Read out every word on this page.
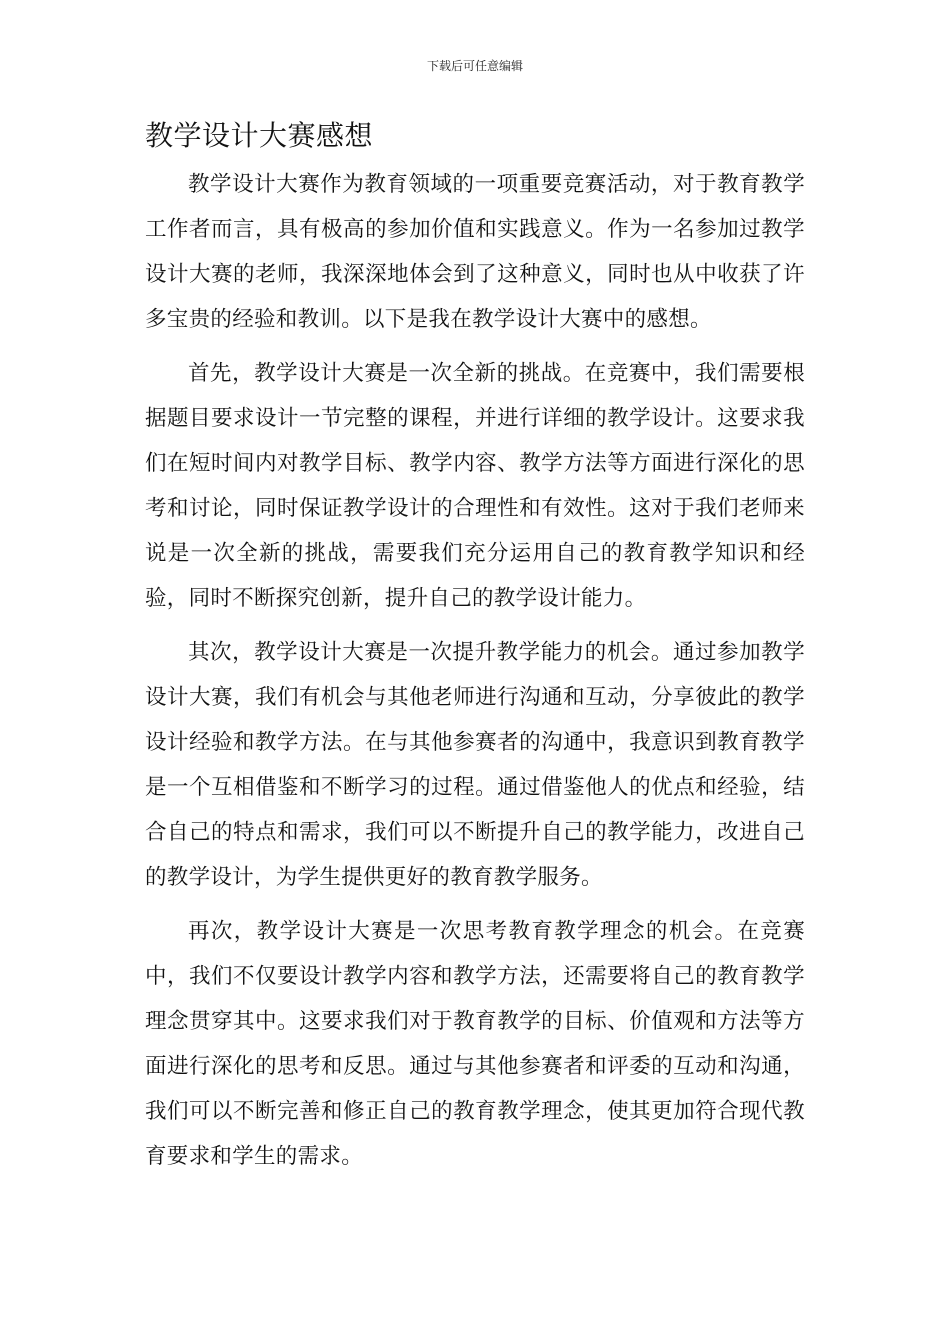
下载后可任意编辑
教学设计大赛感想

教学设计大赛作为教育领域的一项重要竞赛活动，对于教育教学工作者而言，具有极高的参加价值和实践意义。作为一名参加过教学设计大赛的老师，我深深地体会到了这种意义，同时也从中收获了许多宝贵的经验和教训。以下是我在教学设计大赛中的感想。

首先，教学设计大赛是一次全新的挑战。在竞赛中，我们需要根据题目要求设计一节完整的课程，并进行详细的教学设计。这要求我们在短时间内对教学目标、教学内容、教学方法等方面进行深化的思考和讨论，同时保证教学设计的合理性和有效性。这对于我们老师来说是一次全新的挑战，需要我们充分运用自己的教育教学知识和经验，同时不断探究创新，提升自己的教学设计能力。

其次，教学设计大赛是一次提升教学能力的机会。通过参加教学设计大赛，我们有机会与其他老师进行沟通和互动，分享彼此的教学设计经验和教学方法。在与其他参赛者的沟通中，我意识到教育教学是一个互相借鉴和不断学习的过程。通过借鉴他人的优点和经验，结合自己的特点和需求，我们可以不断提升自己的教学能力，改进自己的教学设计，为学生提供更好的教育教学服务。

再次，教学设计大赛是一次思考教育教学理念的机会。在竞赛中，我们不仅要设计教学内容和教学方法，还需要将自己的教育教学理念贯穿其中。这要求我们对于教育教学的目标、价值观和方法等方面进行深化的思考和反思。通过与其他参赛者和评委的互动和沟通，我们可以不断完善和修正自己的教育教学理念，使其更加符合现代教育要求和学生的需求。
